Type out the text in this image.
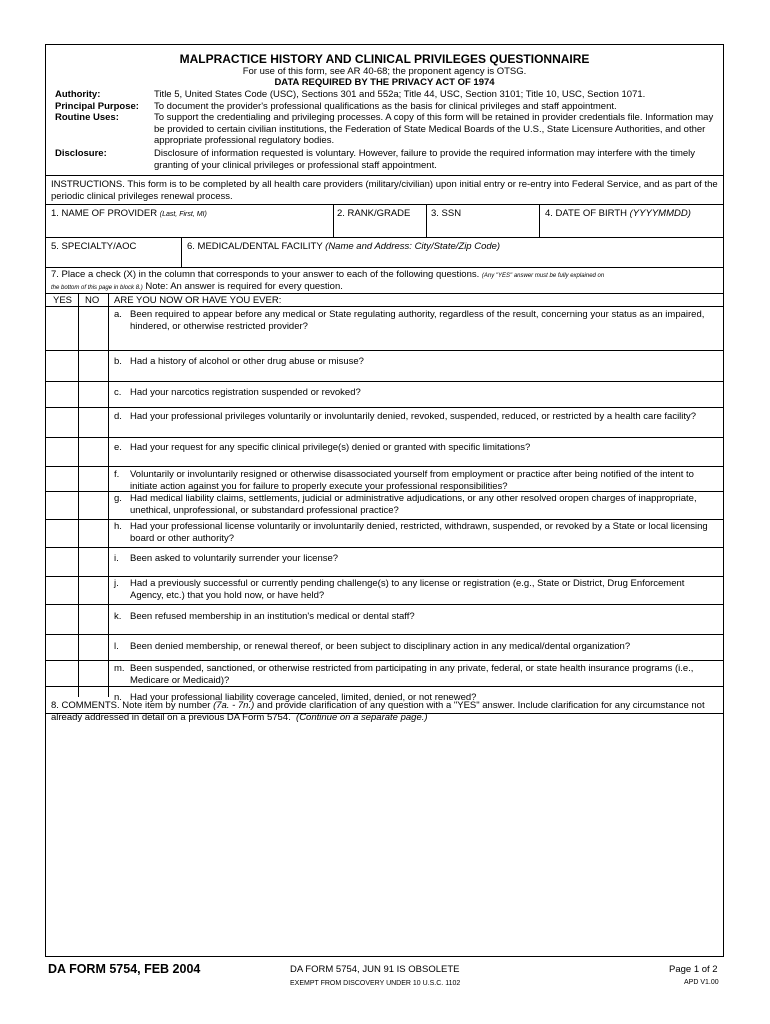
MALPRACTICE HISTORY AND CLINICAL PRIVILEGES QUESTIONNAIRE
For use of this form, see AR 40-68; the proponent agency is OTSG.
DATA REQUIRED BY THE PRIVACY ACT OF 1974
Authority:	Title 5, United States Code (USC), Sections 301 and 552a; Title 44, USC, Section 3101; Title 10, USC, Section 1071.
Principal Purpose: To document the provider's professional qualifications as the basis for clinical privileges and staff appointment.
Routine Uses:	To support the credentialing and privileging processes. A copy of this form will be retained in provider credentials file. Information may be provided to certain civilian institutions, the Federation of State Medical Boards of the U.S., State Licensure Authorities, and other appropriate professional regulatory bodies.
Disclosure:	Disclosure of information requested is voluntary. However, failure to provide the required information may interfere with the timely granting of your clinical privileges or professional staff appointment.
INSTRUCTIONS. This form is to be completed by all health care providers (military/civilian) upon initial entry or re-entry into Federal Service, and as part of the periodic clinical privileges renewal process.
1. NAME OF PROVIDER (Last, First, MI)	2. RANK/GRADE 3. SSN	4. DATE OF BIRTH (YYYYMMDD)
5. SPECIALTY/AOC	6. MEDICAL/DENTAL FACILITY (Name and Address: City/State/Zip Code)
7. Place a check (X) in the column that corresponds to your answer to each of the following questions. (Any "YES" answer must be fully explained on
the bottom of this page in block 8.) Note: An answer is required for every question.
YES NO ARE YOU NOW OR HAVE YOU EVER:
a. Been required to appear before any medical or State regulating authority, regardless of the result, concerning your status as an impaired, hindered, or otherwise restricted provider?
b. Had a history of alcohol or other drug abuse or misuse?
c. Had your narcotics registration suspended or revoked?
d. Had your professional privileges voluntarily or involuntarily denied, revoked, suspended, reduced, or restricted by a health care facility?
e. Had your request for any specific clinical privilege(s) denied or granted with specific limitations?
f. Voluntarily or involuntarily resigned or otherwise disassociated yourself from employment or practice after being notified of the intent to initiate action against you for failure to properly execute your professional responsibilities?
g. Had medical liability claims, settlements, judicial or administrative adjudications, or any other resolved oropen charges of inappropriate, unethical, unprofessional, or substandard professional practice?
h. Had your professional license voluntarily or involuntarily denied, restricted, withdrawn, suspended, or revoked by a State or local licensing board or other authority?
i. Been asked to voluntarily surrender your license?
j. Had a previously successful or currently pending challenge(s) to any license or registration (e.g., State or District, Drug Enforcement Agency, etc.) that you hold now, or have held?
k. Been refused membership in an institution's medical or dental staff?
l. Been denied membership, or renewal thereof, or been subject to disciplinary action in any medical/dental organization?
m. Been suspended, sanctioned, or otherwise restricted from participating in any private, federal, or state health insurance programs (i.e., Medicare or Medicaid)?
n. Had your professional liability coverage canceled, limited, denied, or not renewed?
8. COMMENTS. Note item by number (7a. - 7n.) and provide clarification of any question with a "YES" answer. Include clarification for any circumstance not already addressed in detail on a previous DA Form 5754. (Continue on a separate page.)
DA FORM 5754, FEB 2004	DA FORM 5754, JUN 91 IS OBSOLETE
EXEMPT FROM DISCOVERY UNDER 10 U.S.C. 1102
Page 1 of 2
APD V1.00
